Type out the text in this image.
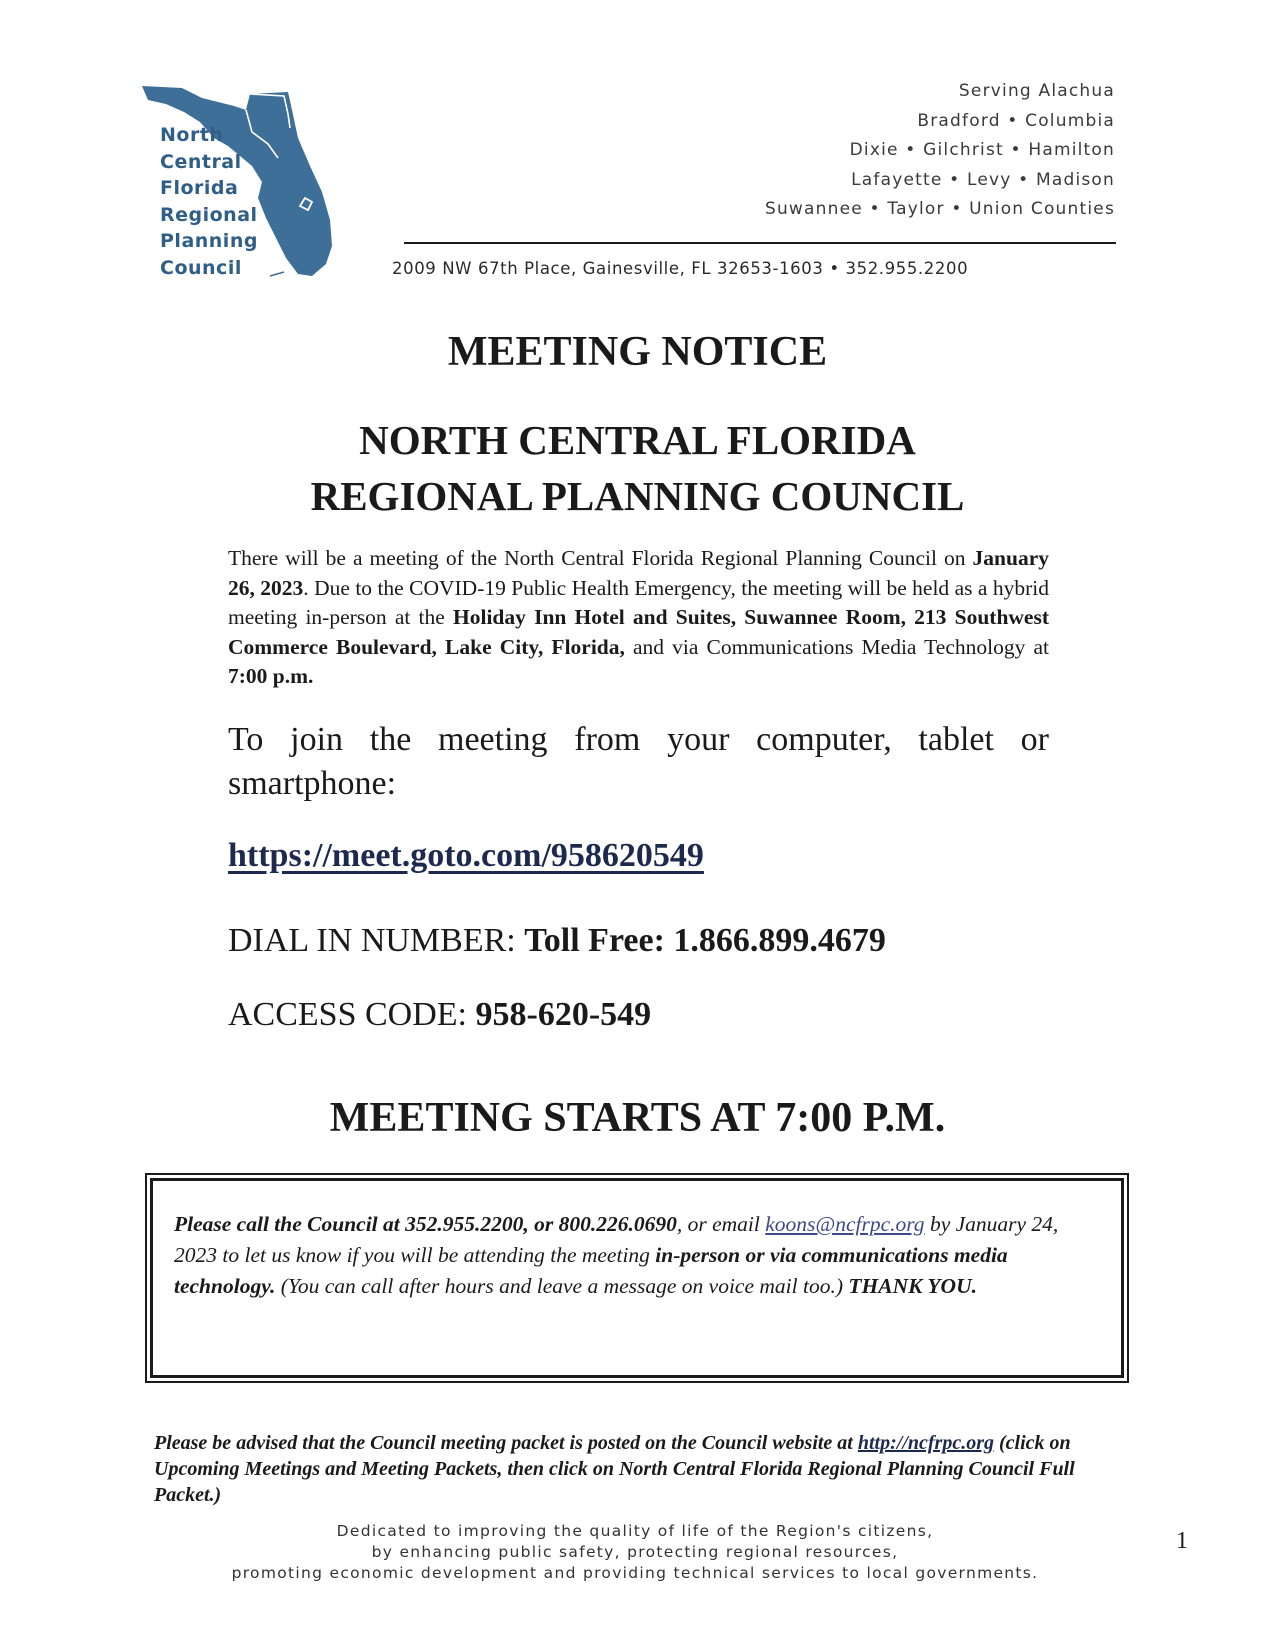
North
Central
Florida
Regional
Planning
Council
Serving Alachua
Bradford • Columbia
Dixie • Gilchrist • Hamilton
Lafayette • Levy • Madison
Suwannee • Taylor • Union Counties
2009 NW 67th Place, Gainesville, FL 32653-1603 • 352.955.2200
MEETING NOTICE
NORTH CENTRAL FLORIDA
REGIONAL PLANNING COUNCIL
There will be a meeting of the North Central Florida Regional Planning Council on January 26, 2023. Due to the COVID-19 Public Health Emergency, the meeting will be held as a hybrid meeting in-person at the Holiday Inn Hotel and Suites, Suwannee Room, 213 Southwest Commerce Boulevard, Lake City, Florida, and via Communications Media Technology at 7:00 p.m.
To join the meeting from your computer, tablet or smartphone:
https://meet.goto.com/958620549
DIAL IN NUMBER: Toll Free: 1.866.899.4679
ACCESS CODE: 958-620-549
MEETING STARTS AT 7:00 P.M.
Please call the Council at 352.955.2200, or 800.226.0690, or email koons@ncfrpc.org by January 24, 2023 to let us know if you will be attending the meeting in-person or via communications media technology. (You can call after hours and leave a message on voice mail too.) THANK YOU.
Please be advised that the Council meeting packet is posted on the Council website at http://ncfrpc.org (click on Upcoming Meetings and Meeting Packets, then click on North Central Florida Regional Planning Council Full Packet.)
Dedicated to improving the quality of life of the Region's citizens,
by enhancing public safety, protecting regional resources,
promoting economic development and providing technical services to local governments.
1
